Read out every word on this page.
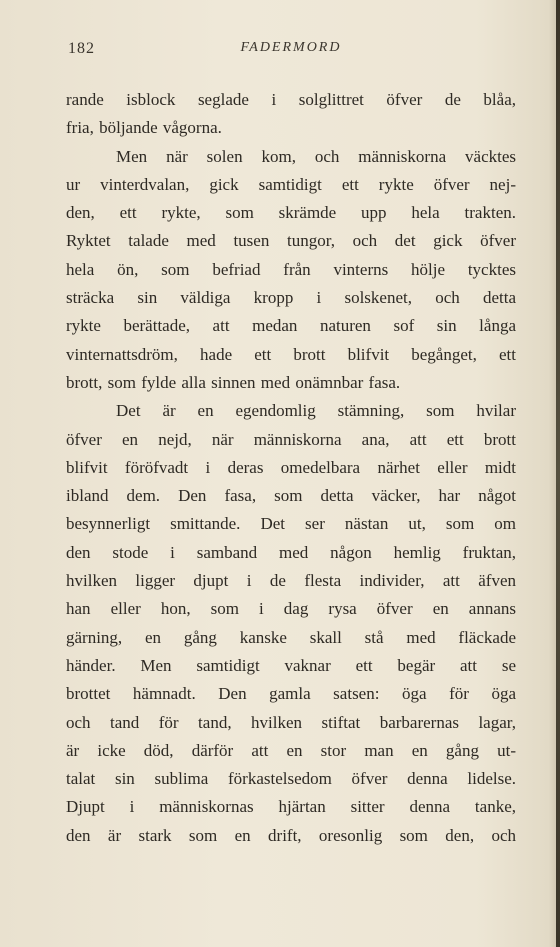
182	FADERMORD
rande isblock seglade i solglittret öfver de blåa,
fria, böljande vågorna.
Men när solen kom, och människorna väcktes
ur vinterdvalan, gick samtidigt ett rykte öfver nej-
den, ett rykte, som skrämde upp hela trakten.
Ryktet talade med tusen tungor, och det gick öfver
hela ön, som befriad från vinterns hölje tycktes
sträcka sin väldiga kropp i solskenet, och detta
rykte berättade, att medan naturen sof sin långa
vinternattsdröm, hade ett brott blifvit begånget, ett
brott, som fylde alla sinnen med onämnbar fasa.
Det är en egendomlig stämning, som hvilar
öfver en nejd, när människorna ana, att ett brott
blifvit föröfvadt i deras omedelbara närhet eller midt
ibland dem. Den fasa, som detta väcker, har något
besynnerligt smittande. Det ser nästan ut, som om
den stode i samband med någon hemlig fruktan,
hvilken ligger djupt i de flesta individer, att äfven
han eller hon, som i dag rysa öfver en annans
gärning, en gång kanske skall stå med fläckade
händer. Men samtidigt vaknar ett begär att se
brottet hämnadt. Den gamla satsen: öga för öga
och tand för tand, hvilken stiftat barbarernas lagar,
är icke död, därför att en stor man en gång ut-
talat sin sublima förkastelsedom öfver denna lidelse.
Djupt i människornas hjärtan sitter denna tanke,
den är stark som en drift, oresonlig som den, och
